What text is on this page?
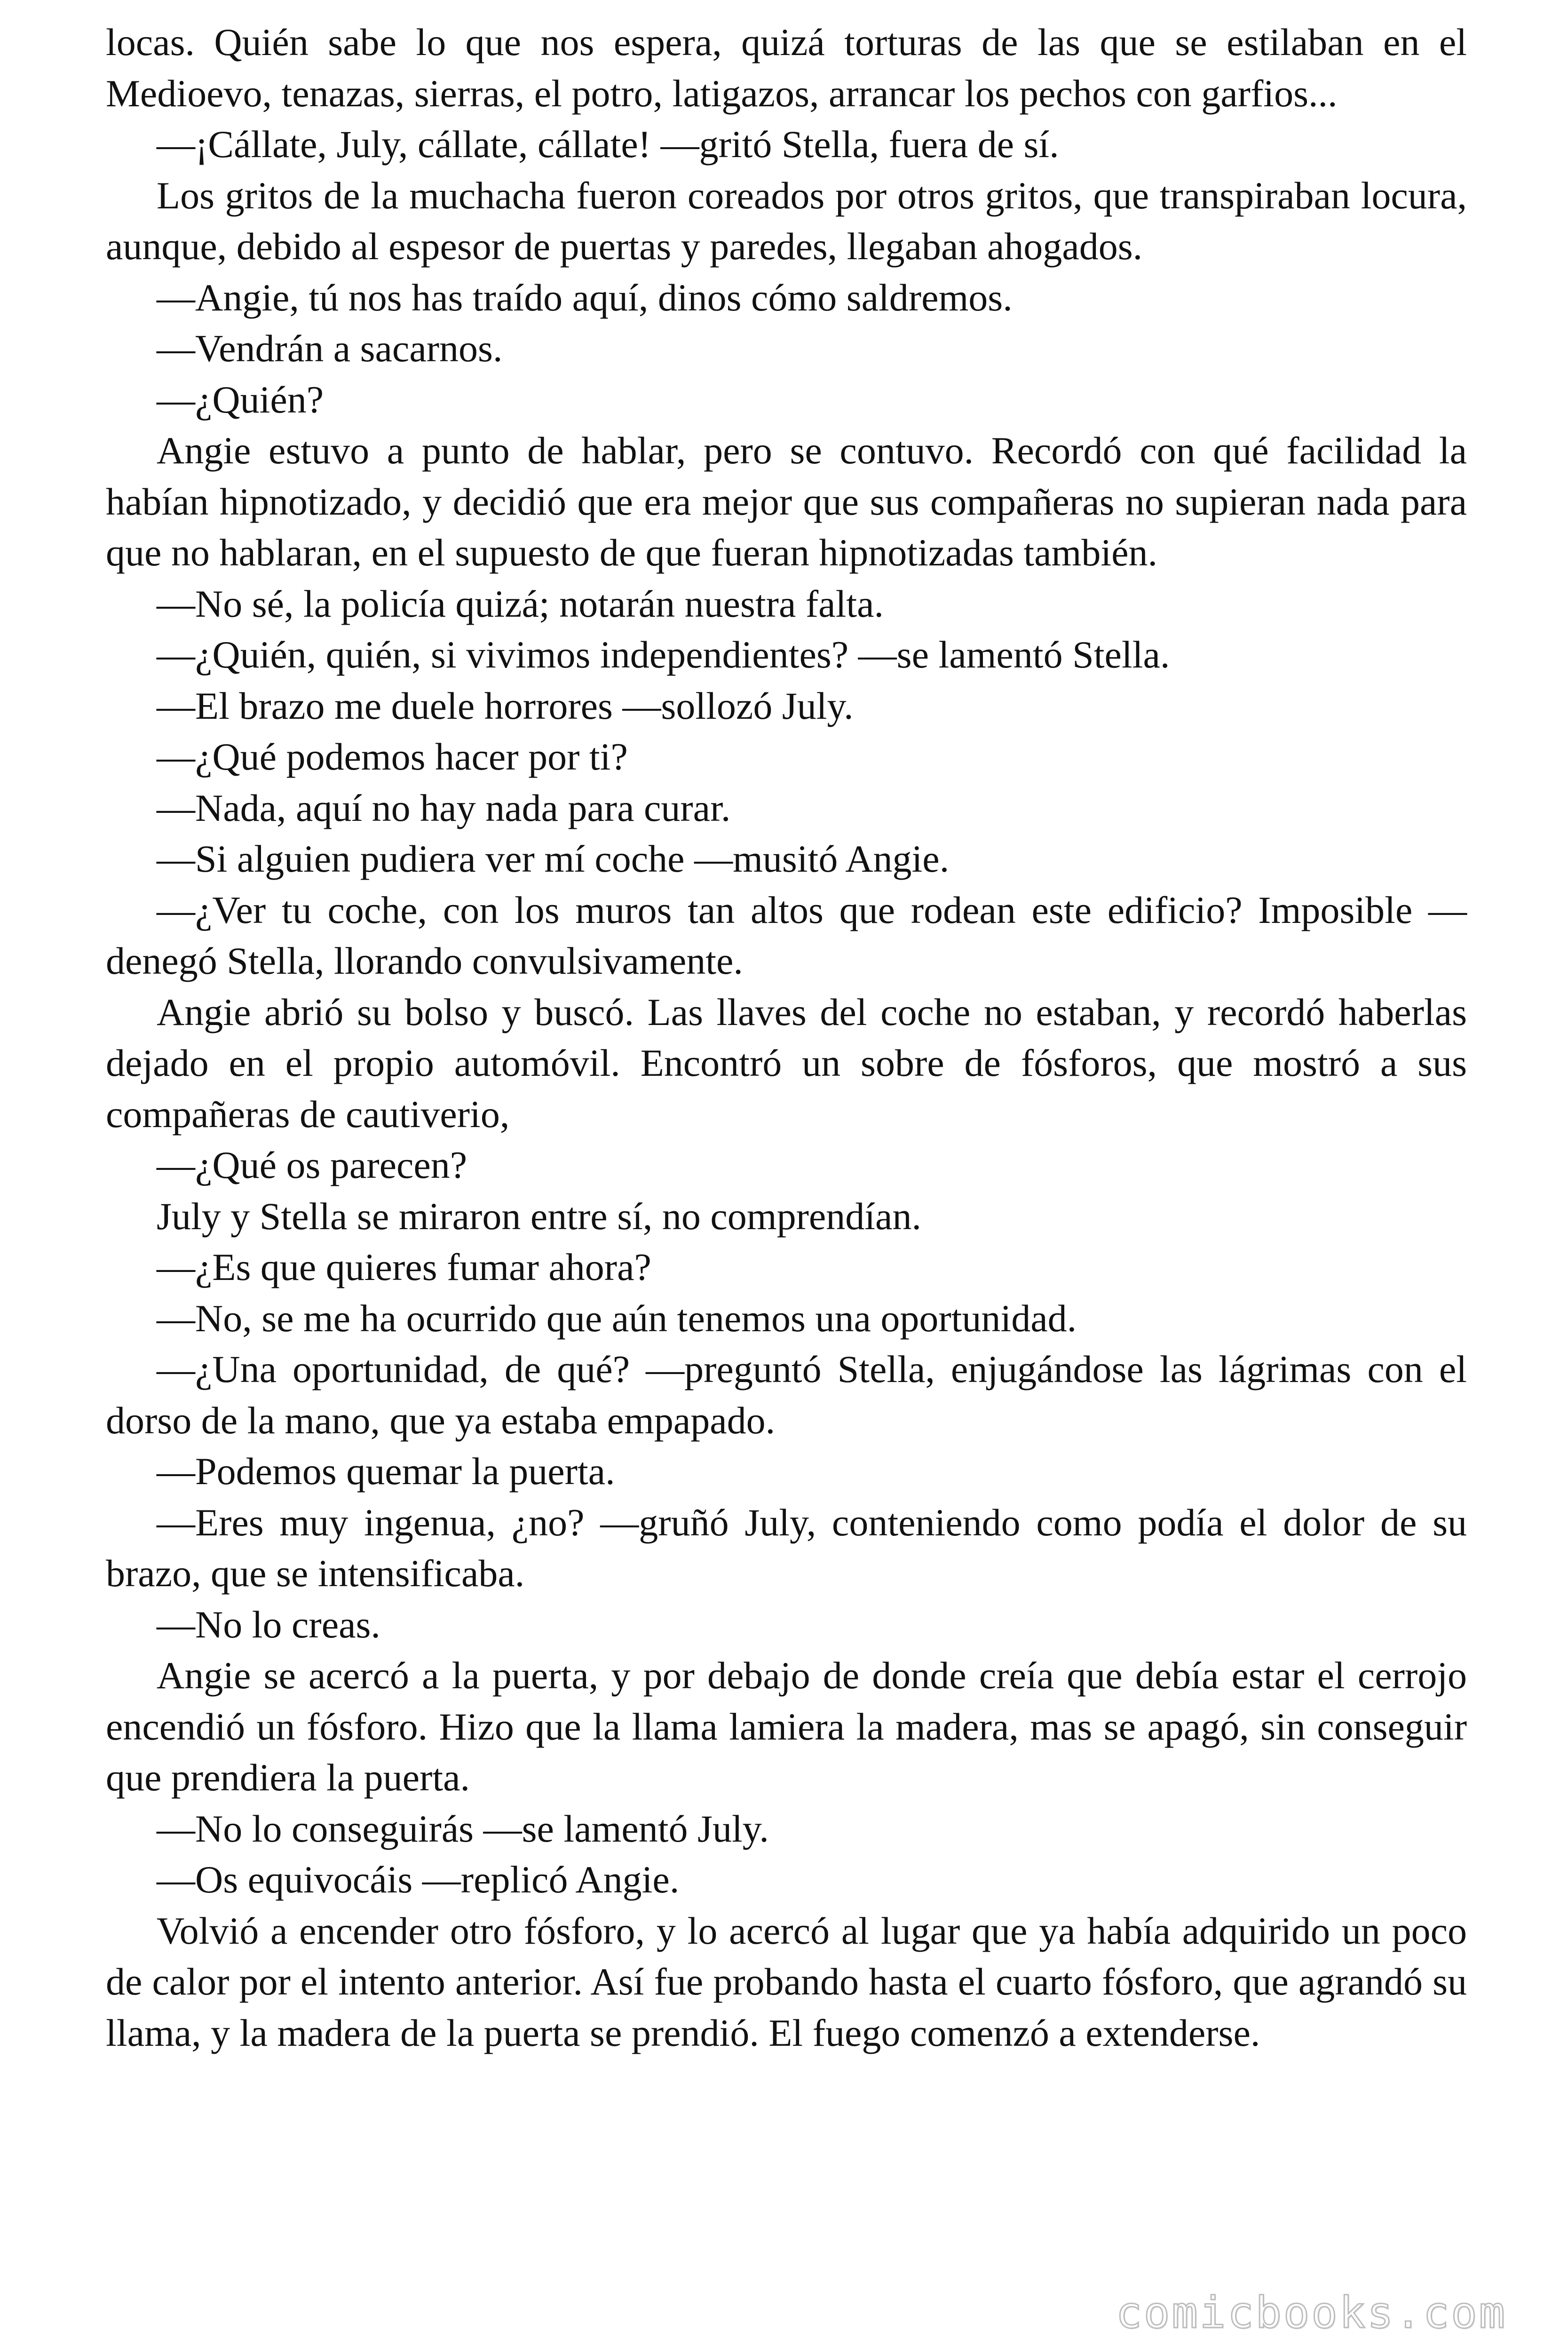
locas. Quién sabe lo que nos espera, quizá torturas de las que se estilaban en el Medioevo, tenazas, sierras, el potro, latigazos, arrancar los pechos con garfios...

—¡Cállate, July, cállate, cállate! —gritó Stella, fuera de sí.

Los gritos de la muchacha fueron coreados por otros gritos, que transpiraban locura, aunque, debido al espesor de puertas y paredes, llegaban ahogados.

—Angie, tú nos has traído aquí, dinos cómo saldremos.

—Vendrán a sacarnos.

—¿Quién?

Angie estuvo a punto de hablar, pero se contuvo. Recordó con qué facilidad la habían hipnotizado, y decidió que era mejor que sus compañeras no supieran nada para que no hablaran, en el supuesto de que fueran hipnotizadas también.

—No sé, la policía quizá; notarán nuestra falta.

—¿Quién, quién, si vivimos independientes? —se lamentó Stella.

—El brazo me duele horrores —sollozó July.

—¿Qué podemos hacer por ti?

—Nada, aquí no hay nada para curar.

—Si alguien pudiera ver mí coche —musitó Angie.

—¿Ver tu coche, con los muros tan altos que rodean este edificio? Imposible —denegó Stella, llorando convulsivamente.

Angie abrió su bolso y buscó. Las llaves del coche no estaban, y recordó haberlas dejado en el propio automóvil. Encontró un sobre de fósforos, que mostró a sus compañeras de cautiverio,

—¿Qué os parecen?

July y Stella se miraron entre sí, no comprendían.

—¿Es que quieres fumar ahora?

—No, se me ha ocurrido que aún tenemos una oportunidad.

—¿Una oportunidad, de qué? —preguntó Stella, enjugándose las lágrimas con el dorso de la mano, que ya estaba empapado.

—Podemos quemar la puerta.

—Eres muy ingenua, ¿no? —gruñó July, conteniendo como podía el dolor de su brazo, que se intensificaba.

—No lo creas.

Angie se acercó a la puerta, y por debajo de donde creía que debía estar el cerrojo encendió un fósforo. Hizo que la llama lamiera la madera, mas se apagó, sin conseguir que prendiera la puerta.

—No lo conseguirás —se lamentó July.

—Os equivocáis —replicó Angie.

Volvió a encender otro fósforo, y lo acercó al lugar que ya había adquirido un poco de calor por el intento anterior. Así fue probando hasta el cuarto fósforo, que agrandó su llama, y la madera de la puerta se prendió. El fuego comenzó a extenderse.

comicbooks.com
